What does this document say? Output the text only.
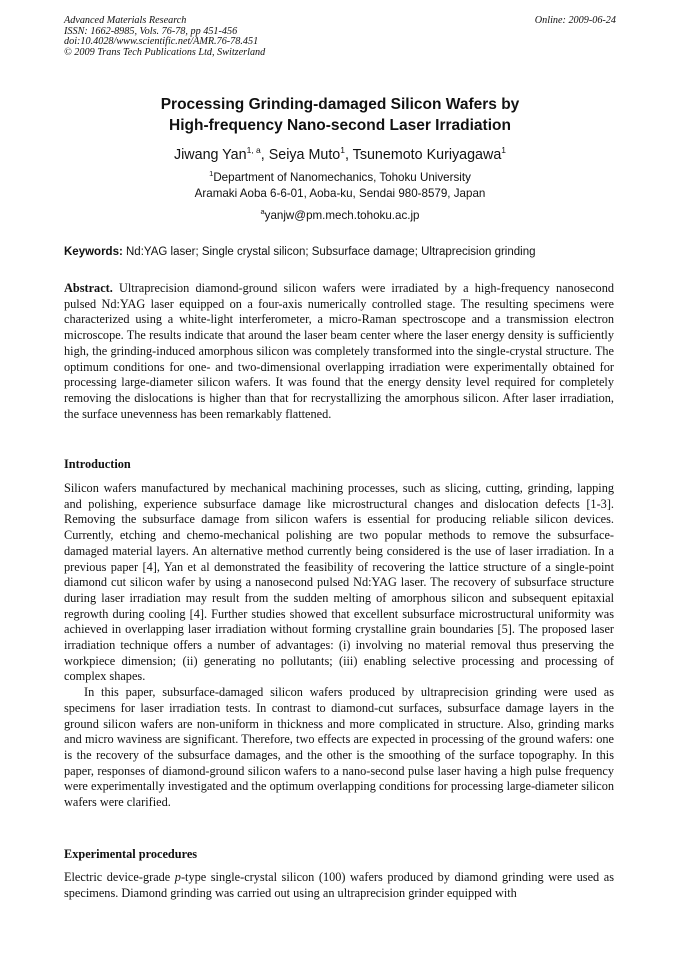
Advanced Materials Research
ISSN: 1662-8985, Vols. 76-78, pp 451-456
doi:10.4028/www.scientific.net/AMR.76-78.451
© 2009 Trans Tech Publications Ltd, Switzerland
Online: 2009-06-24
Processing Grinding-damaged Silicon Wafers by
High-frequency Nano-second Laser Irradiation
Jiwang Yan$^{1, a}$, Seiya Muto$^1$, Tsunemoto Kuriyagawa$^1$
$^1$Department of Nanomechanics, Tohoku University
Aramaki Aoba 6-6-01, Aoba-ku, Sendai 980-8579, Japan
$^a$yanjw@pm.mech.tohoku.ac.jp
Keywords: Nd:YAG laser; Single crystal silicon; Subsurface damage; Ultraprecision grinding

Abstract. Ultraprecision diamond-ground silicon wafers were irradiated by a high-frequency nanosecond pulsed Nd:YAG laser equipped on a four-axis numerically controlled stage. The resulting specimens were characterized using a white-light interferometer, a micro-Raman spectroscope and a transmission electron microscope. The results indicate that around the laser beam center where the laser energy density is sufficiently high, the grinding-induced amorphous silicon was completely transformed into the single-crystal structure. The optimum conditions for one- and two-dimensional overlapping irradiation were experimentally obtained for processing large-diameter silicon wafers. It was found that the energy density level required for completely removing the dislocations is higher than that for recrystallizing the amorphous silicon. After laser irradiation, the surface unevenness has been remarkably flattened.

Introduction

Silicon wafers manufactured by mechanical machining processes, such as slicing, cutting, grinding, lapping and polishing, experience subsurface damage like microstructural changes and dislocation defects [1-3]. Removing the subsurface damage from silicon wafers is essential for producing reliable silicon devices. Currently, etching and chemo-mechanical polishing are two popular methods to remove the subsurface-damaged material layers. An alternative method currently being considered is the use of laser irradiation. In a previous paper [4], Yan et al demonstrated the feasibility of recovering the lattice structure of a single-point diamond cut silicon wafer by using a nanosecond pulsed Nd:YAG laser. The recovery of subsurface structure during laser irradiation may result from the sudden melting of amorphous silicon and subsequent epitaxial regrowth during cooling [4]. Further studies showed that excellent subsurface microstructural uniformity was achieved in overlapping laser irradiation without forming crystalline grain boundaries [5]. The proposed laser irradiation technique offers a number of advantages: (i) involving no material removal thus preserving the workpiece dimension; (ii) generating no pollutants; (iii) enabling selective processing and processing of complex shapes.

In this paper, subsurface-damaged silicon wafers produced by ultraprecision grinding were used as specimens for laser irradiation tests. In contrast to diamond-cut surfaces, subsurface damage layers in the ground silicon wafers are non-uniform in thickness and more complicated in structure. Also, grinding marks and micro waviness are significant. Therefore, two effects are expected in processing of the ground wafers: one is the recovery of the subsurface damages, and the other is the smoothing of the surface topography. In this paper, responses of diamond-ground silicon wafers to a nano-second pulse laser having a high pulse frequency were experimentally investigated and the optimum overlapping conditions for processing large-diameter silicon wafers were clarified.

Experimental procedures

Electric device-grade p-type single-crystal silicon (100) wafers produced by diamond grinding were used as specimens. Diamond grinding was carried out using an ultraprecision grinder equipped with
